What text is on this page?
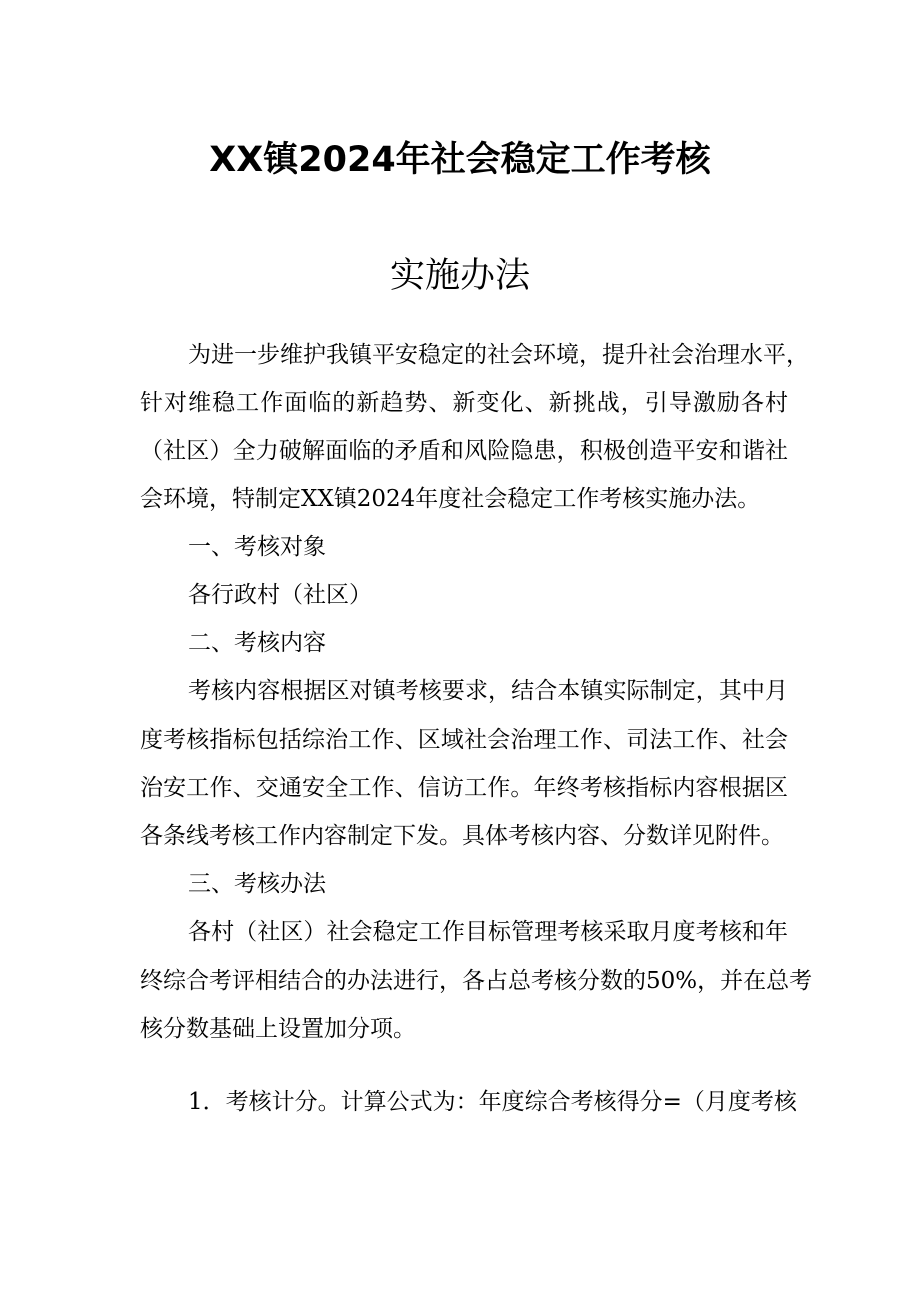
XX镇2024年社会稳定工作考核
实施办法
为进一步维护我镇平安稳定的社会环境，提升社会治理水平，
针对维稳工作面临的新趋势、新变化、新挑战，引导激励各村
（社区）全力破解面临的矛盾和风险隐患，积极创造平安和谐社
会环境，特制定XX镇2024年度社会稳定工作考核实施办法。
一、考核对象
各行政村（社区）
二、考核内容
考核内容根据区对镇考核要求，结合本镇实际制定，其中月
度考核指标包括综治工作、区域社会治理工作、司法工作、社会
治安工作、交通安全工作、信访工作。年终考核指标内容根据区
各条线考核工作内容制定下发。具体考核内容、分数详见附件。
三、考核办法
各村（社区）社会稳定工作目标管理考核采取月度考核和年
终综合考评相结合的办法进行，各占总考核分数的50%，并在总考
核分数基础上设置加分项。
1．考核计分。计算公式为：年度综合考核得分=（月度考核
